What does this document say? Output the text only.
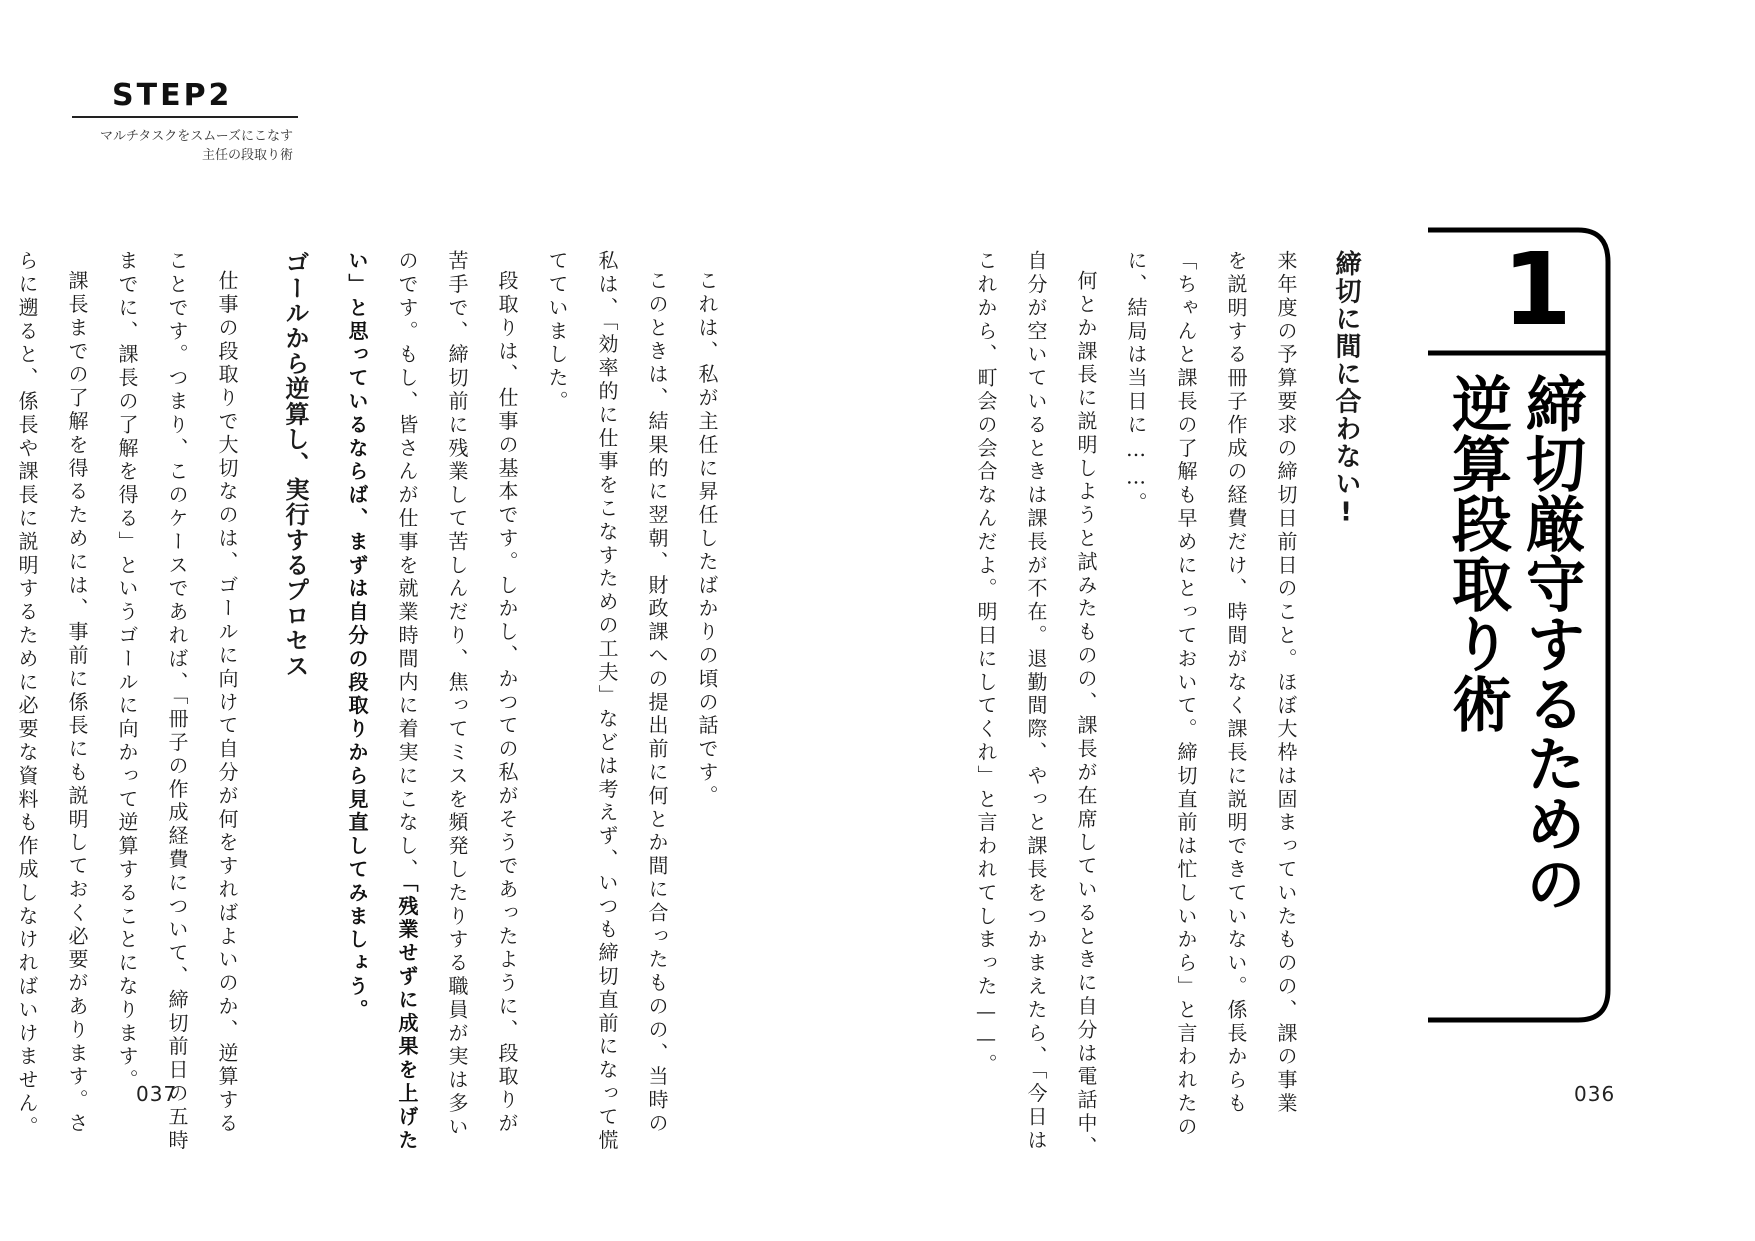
STEP2
マルチタスクをスムーズにこなす
主任の段取り術
1
締切厳守するための
逆算段取り術
締切に間に合わない!
来年度の予算要求の締切日前日のこと。ほぼ大枠は固まっていたものの、課の事業
を説明する冊子作成の経費だけ、時間がなく課長に説明できていない。係長からも
「ちゃんと課長の了解も早めにとっておいて。締切直前は忙しいから」と言われたの
に、結局は当日に……。
何とか課長に説明しようと試みたものの、課長が在席しているときに自分は電話中、
自分が空いているときは課長が不在。退勤間際、やっと課長をつかまえたら、「今日は
これから、町会の会合なんだよ。明日にしてくれ」と言われてしまった——。
036
これは、私が主任に昇任したばかりの頃の話です。
このときは、結果的に翌朝、財政課への提出前に何とか間に合ったものの、当時の
私は、「効率的に仕事をこなすための工夫」などは考えず、いつも締切直前になって慌
てていました。
段取りは、仕事の基本です。しかし、かつての私がそうであったように、段取りが
苦手で、締切前に残業して苦しんだり、焦ってミスを頻発したりする職員が実は多い
のです。もし、皆さんが仕事を就業時間内に着実にこなし、「残業せずに成果を上げた
い」と思っているならば、まずは自分の段取りから見直してみましょう。
ゴールから逆算し、実行するプロセス
仕事の段取りで大切なのは、ゴールに向けて自分が何をすればよいのか、逆算する
ことです。つまり、このケースであれば、「冊子の作成経費について、締切前日の五時
までに、課長の了解を得る」というゴールに向かって逆算することになります。
課長までの了解を得るためには、事前に係長にも説明しておく必要があります。さ
らに遡ると、係長や課長に説明するために必要な資料も作成しなければいけません。	037
